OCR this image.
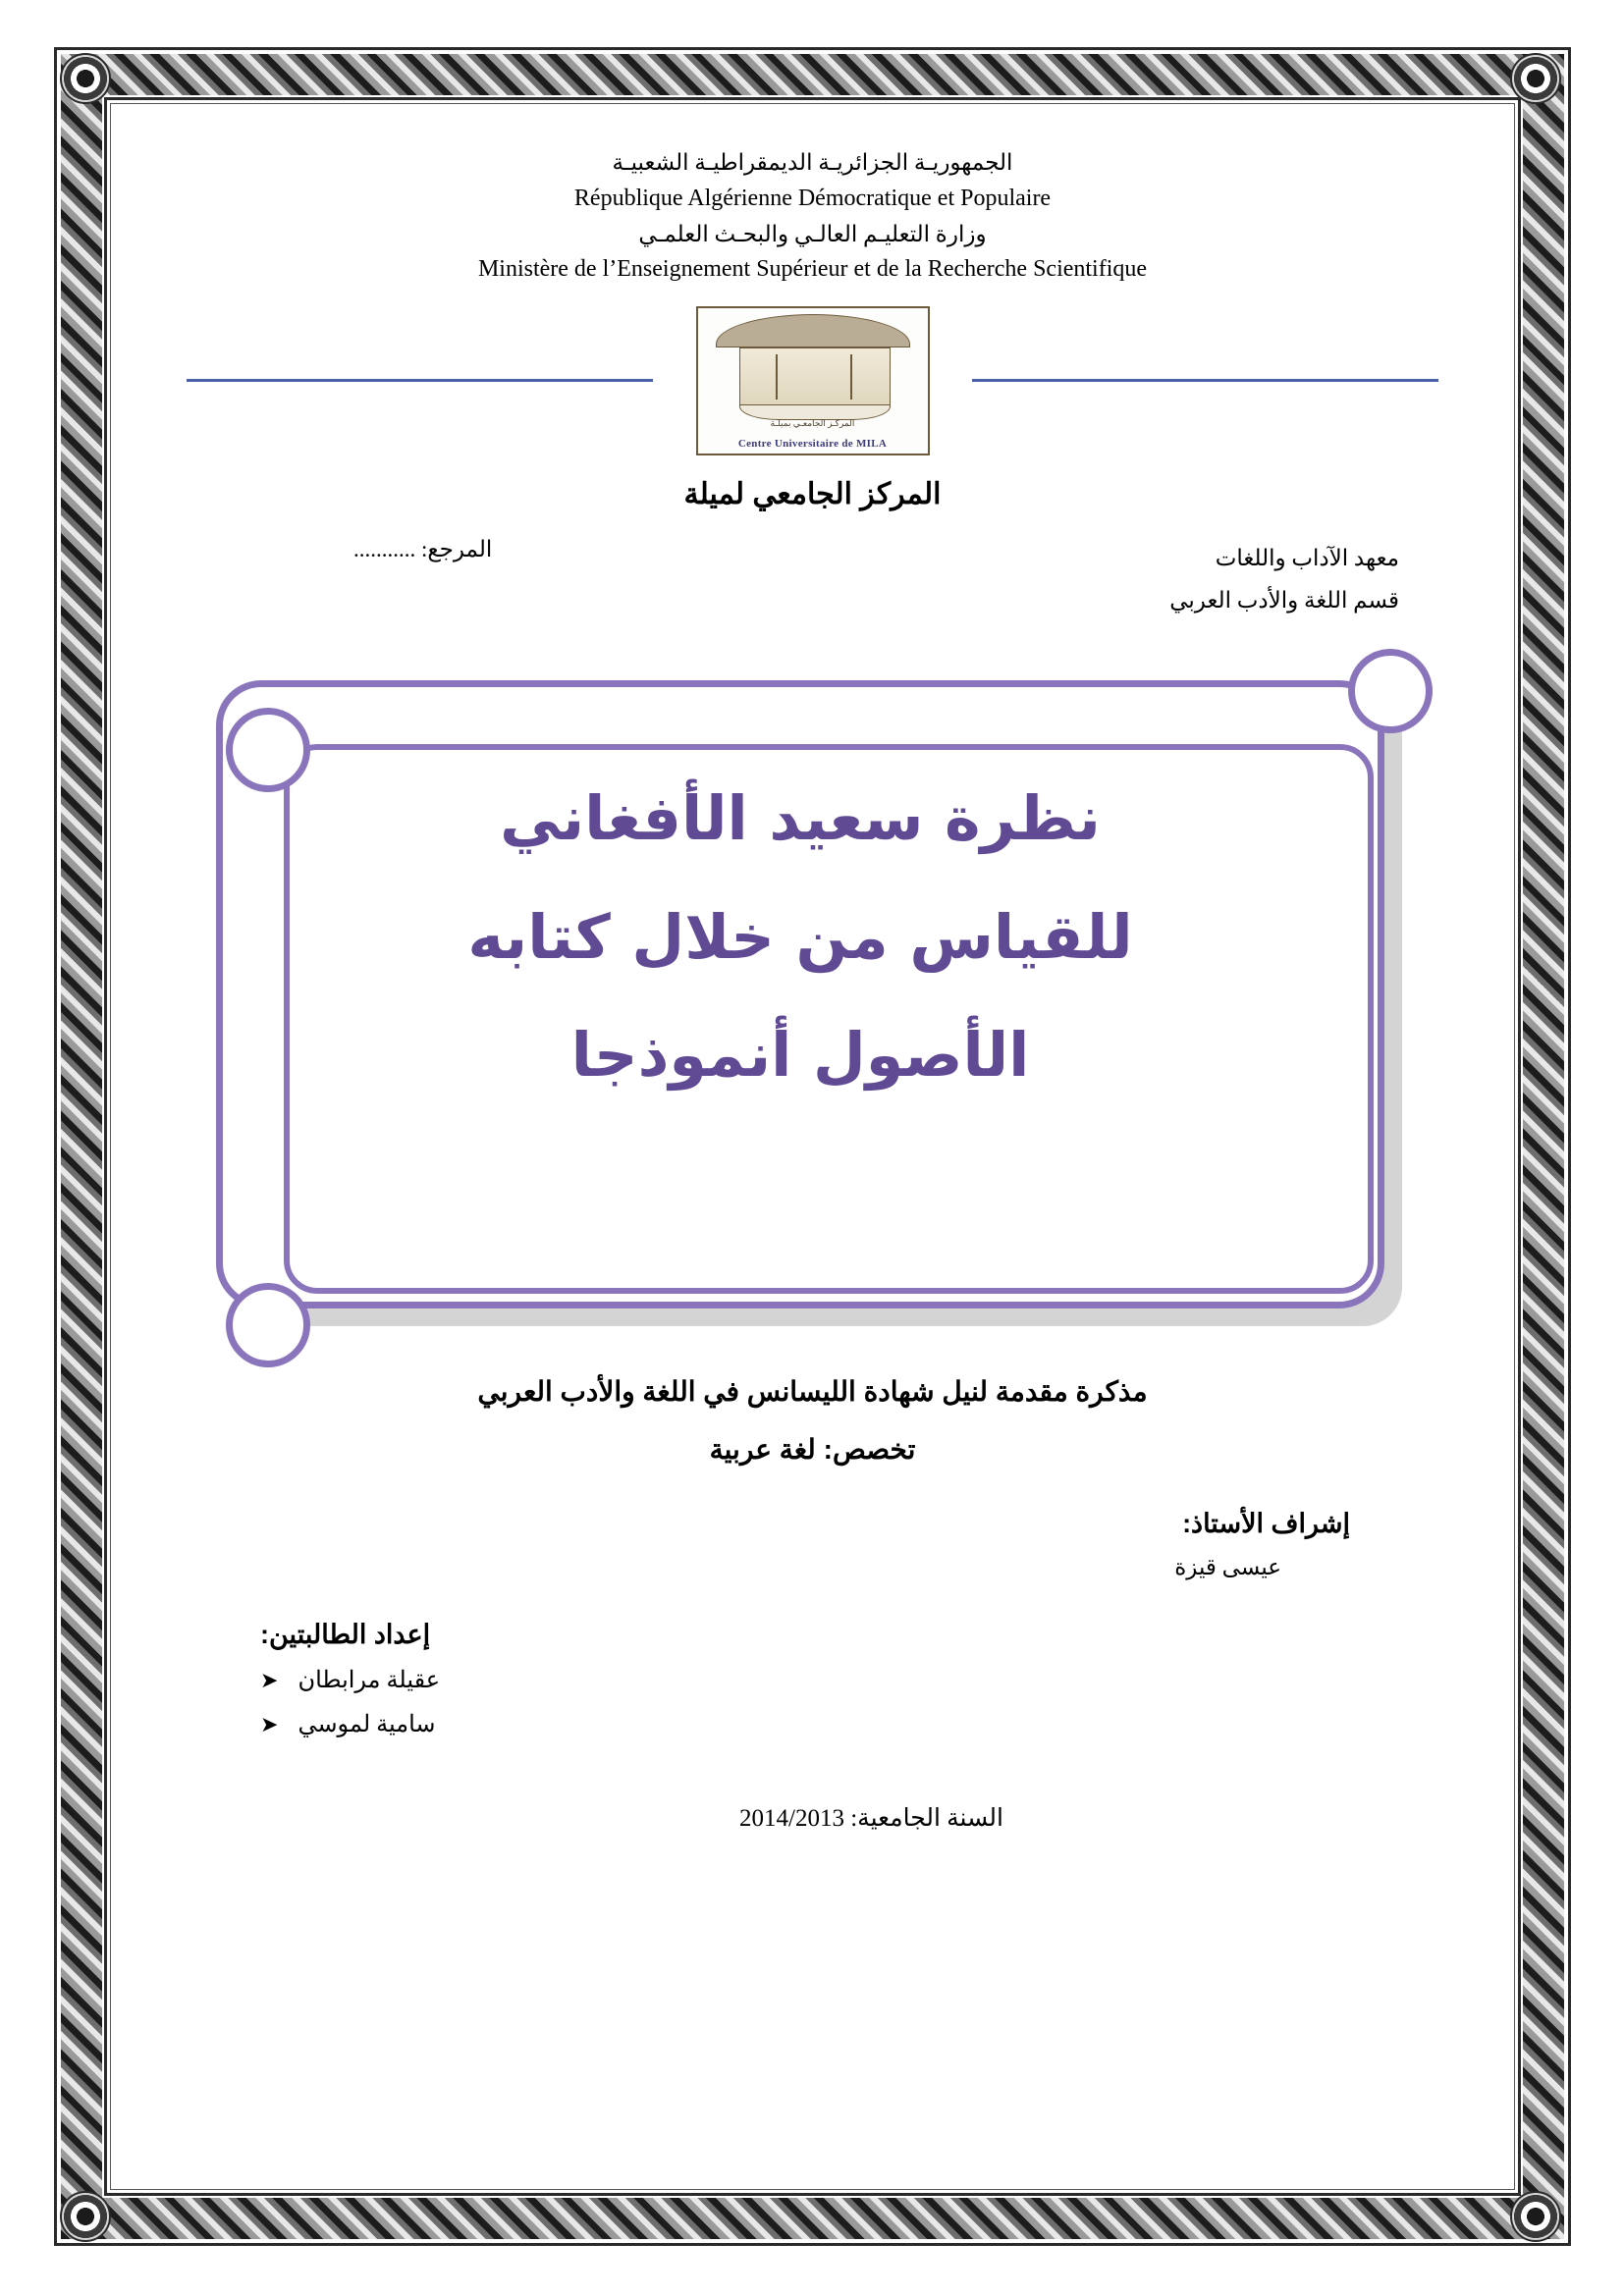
الجمهوريـة الجزائريـة الديمقراطيـة الشعبيـة
République Algérienne Démocratique et Populaire
وزارة التعليـم العالـي والبحـث العلمـي
Ministère de l’Enseignement Supérieur et de la Recherche Scientifique
المركـز الجامعـي بميلـة
Centre Universitaire de MILA
المركز الجامعي لميلة
معهد الآداب واللغات
قسم اللغة والأدب العربي
المرجع: ...........
نظرة سعيد الأفغاني
للقياس من خلال كتابه
الأصول أنموذجا
مذكرة مقدمة لنيل شهادة الليسانس في اللغة والأدب العربي
تخصص: لغة عربية
إشراف الأستاذ:
عيسى قيزة
إعداد الطالبتين:
عقيلة مرابطان ➤
سامية لموسي ➤
السنة الجامعية: 2014/2013
